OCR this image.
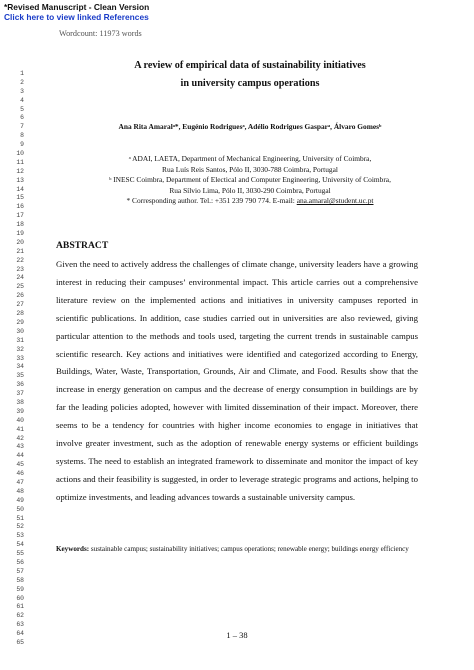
*Revised Manuscript - Clean Version
Click here to view linked References
Wordcount: 11973 words
1
2
3
4
5
6
7
8
9
10
11
12
13
14
15
16
17
18
19
20
21
22
23
24
25
26
27
28
29
30
31
32
33
34
35
36
37
38
39
40
41
42
43
44
45
46
47
48
49
50
51
52
53
54
55
56
57
58
59
60
61
62
63
64
65
A review of empirical data of sustainability initiatives
in university campus operations
Ana Rita Amaralᵃ*, Eugénio Rodriguesᵃ, Adélio Rodrigues Gasparᵃ, Álvaro Gomesᵇ
ᵃ ADAI, LAETA, Department of Mechanical Engineering, University of Coimbra,
Rua Luís Reis Santos, Pólo II, 3030-788 Coimbra, Portugal
ᵇ INESC Coimbra, Department of Electical and Computer Engineering, University of Coimbra,
Rua Sílvio Lima, Pólo II, 3030-290 Coimbra, Portugal
* Corresponding author. Tel.: +351 239 790 774. E-mail: ana.amaral@student.uc.pt
ABSTRACT
Given the need to actively address the challenges of climate change, university leaders have a growing interest in reducing their campuses’ environmental impact. This article carries out a comprehensive literature review on the implemented actions and initiatives in university campuses reported in scientific publications. In addition, case studies carried out in universities are also reviewed, giving particular attention to the methods and tools used, targeting the current trends in sustainable campus scientific research. Key actions and initiatives were identified and categorized according to Energy, Buildings, Water, Waste, Transportation, Grounds, Air and Climate, and Food. Results show that the increase in energy generation on campus and the decrease of energy consumption in buildings are by far the leading policies adopted, however with limited dissemination of their impact. Moreover, there seems to be a tendency for countries with higher income economies to engage in initiatives that involve greater investment, such as the adoption of renewable energy systems or efficient buildings systems. The need to establish an integrated framework to disseminate and monitor the impact of key actions and their feasibility is suggested, in order to leverage strategic programs and actions, helping to optimize investments, and leading advances towards a sustainable university campus.
Keywords: sustainable campus; sustainability initiatives; campus operations; renewable energy; buildings energy efficiency
1 – 38
